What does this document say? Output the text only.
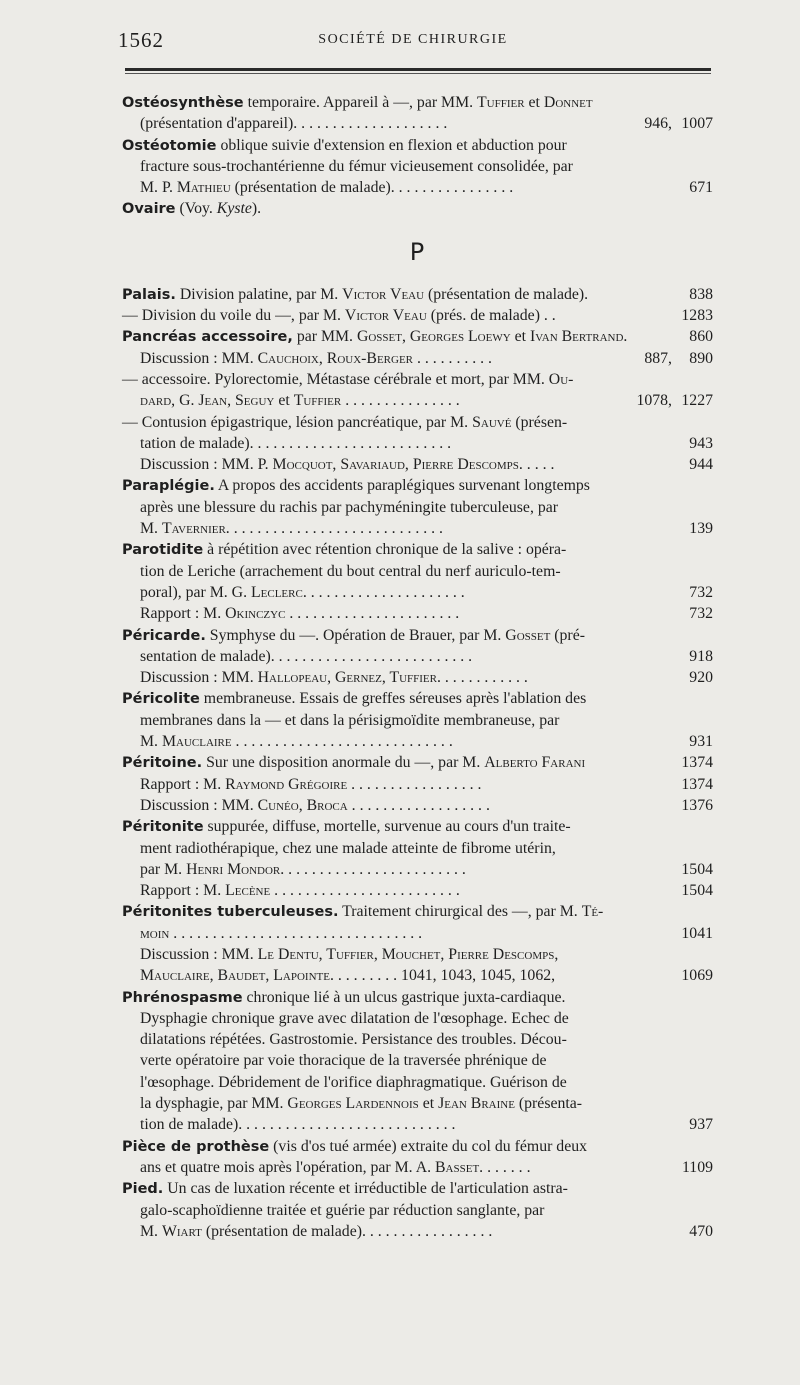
1562	SOCIÉTÉ DE CHIRURGIE
Ostéosynthèse temporaire. Appareil à —, par MM. Tuffier et Donnet
(présentation d'appareil). . . . . . . . . . . . . . . . . . . .	946, 1007
Ostéotomie oblique suivie d'extension en flexion et abduction pour
fracture sous-trochantérienne du fémur vicieusement consolidée, par
M. P. Mathieu (présentation de malade). . . . . . . . . . . . . . . .	671
Ovaire (Voy. Kyste).
P
Palais. Division palatine, par M. Victor Veau (présentation de malade).	838
— Division du voile du —, par M. Victor Veau (prés. de malade) . .	1283
Pancréas accessoire, par MM. Gosset, Georges Loewy et Ivan Bertrand.	860
Discussion : MM. Cauchoix, Roux-Berger . . . . . . . . . .	887, 890
— accessoire. Pylorectomie, Métastase cérébrale et mort, par MM. Ou-
dard, G. Jean, Seguy et Tuffier . . . . . . . . . . . . . . .	1078, 1227
— Contusion épigastrique, lésion pancréatique, par M. Sauvé (présen-
tation de malade). . . . . . . . . . . . . . . . . . . . . . . . . .	943
Discussion : MM. P. Mocquot, Savariaud, Pierre Descomps. . . . .	944
Paraplégie. A propos des accidents paraplégiques survenant longtemps
après une blessure du rachis par pachyméningite tuberculeuse, par
M. Tavernier. . . . . . . . . . . . . . . . . . . . . . . . . . . .	139
Parotidite à répétition avec rétention chronique de la salive : opéra-
tion de Leriche (arrachement du bout central du nerf auriculo-tem-
poral), par M. G. Leclerc. . . . . . . . . . . . . . . . . . . . .	732
Rapport : M. Okinczyc . . . . . . . . . . . . . . . . . . . . . .	732
Péricarde. Symphyse du —. Opération de Brauer, par M. Gosset (pré-
sentation de malade). . . . . . . . . . . . . . . . . . . . . . . . . .	918
Discussion : MM. Hallopeau, Gernez, Tuffier. . . . . . . . . . . .	920
Péricolite membraneuse. Essais de greffes séreuses après l'ablation des
membranes dans la — et dans la périsigmoïdite membraneuse, par
M. Mauclaire . . . . . . . . . . . . . . . . . . . . . . . . . . . .	931
Péritoine. Sur une disposition anormale du —, par M. Alberto Farani	1374
Rapport : M. Raymond Grégoire . . . . . . . . . . . . . . . . .	1374
Discussion : MM. Cunéo, Broca . . . . . . . . . . . . . . . . . .	1376
Péritonite suppurée, diffuse, mortelle, survenue au cours d'un traite-
ment radiothérapique, chez une malade atteinte de fibrome utérin,
par M. Henri Mondor. . . . . . . . . . . . . . . . . . . . . . . .	1504
Rapport : M. Lecène . . . . . . . . . . . . . . . . . . . . . . . .	1504
Péritonites tuberculeuses. Traitement chirurgical des —, par M. Té-
moin . . . . . . . . . . . . . . . . . . . . . . . . . . . . . . . .	1041
Discussion : MM. Le Dentu, Tuffier, Mouchet, Pierre Descomps,
Mauclaire, Baudet, Lapointe. . . . . . . . . 1041, 1043, 1045, 1062,	1069
Phrénospasme chronique lié à un ulcus gastrique juxta-cardiaque.
Dysphagie chronique grave avec dilatation de l'œsophage. Echec de
dilatations répétées. Gastrostomie. Persistance des troubles. Décou-
verte opératoire par voie thoracique de la traversée phrénique de
l'œsophage. Débridement de l'orifice diaphragmatique. Guérison de
la dysphagie, par MM. Georges Lardennois et Jean Braine (présenta-
tion de malade). . . . . . . . . . . . . . . . . . . . . . . . . . . .	937
Pièce de prothèse (vis d'os tué armée) extraite du col du fémur deux
ans et quatre mois après l'opération, par M. A. Basset. . . . . . .	1109
Pied. Un cas de luxation récente et irréductible de l'articulation astra-
galo-scaphoïdienne traitée et guérie par réduction sanglante, par
M. Wiart (présentation de malade). . . . . . . . . . . . . . . . .	470
